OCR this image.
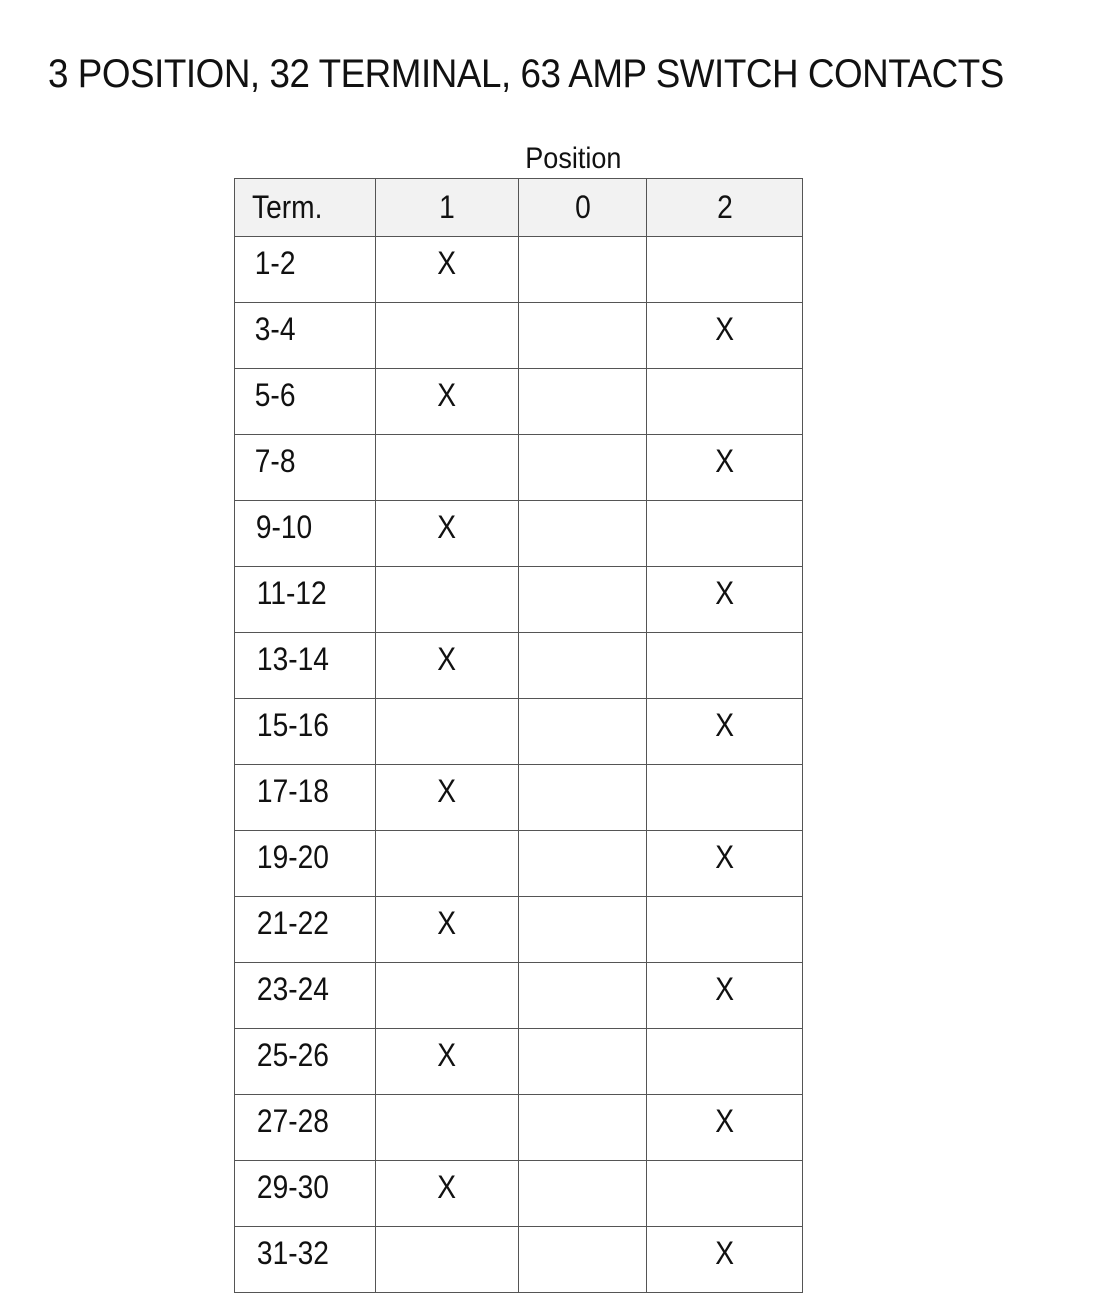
3 POSITION, 32 TERMINAL, 63 AMP SWITCH CONTACTS
Position
Term.	1	0	2
1-2	X		
3-4			X
5-6	X		
7-8			X
9-10	X		
11-12			X
13-14	X		
15-16			X
17-18	X		
19-20			X
21-22	X		
23-24			X
25-26	X		
27-28			X
29-30	X		
31-32			X
